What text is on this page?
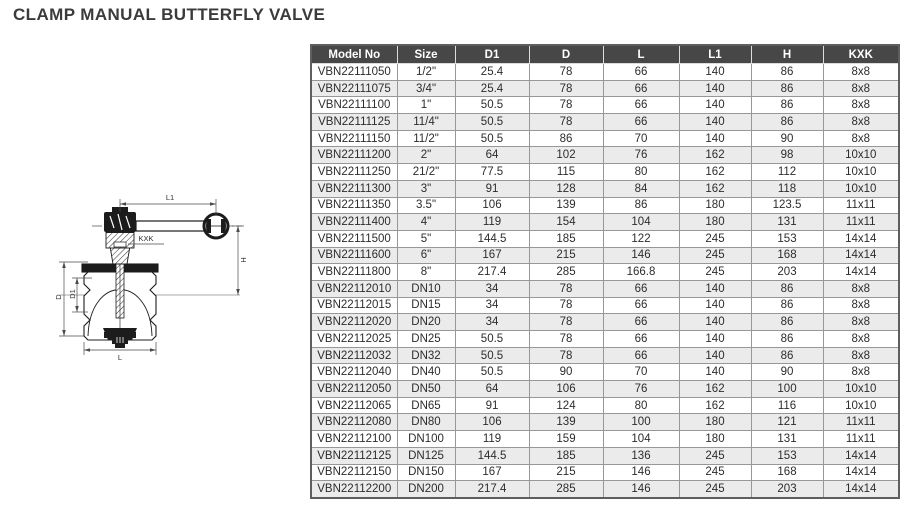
CLAMP MANUAL BUTTERFLY VALVE
L1
KXK
H
D D1
L
Model No	Size	D1	D	L	L1	H	KXK
VBN22111050	1/2"	25.4	78	66	140	86	8x8
VBN22111075	3/4"	25.4	78	66	140	86	8x8
VBN22111100	1"	50.5	78	66	140	86	8x8
VBN22111125	11/4"	50.5	78	66	140	86	8x8
VBN22111150	11/2"	50.5	86	70	140	90	8x8
VBN22111200	2"	64	102	76	162	98	10x10
VBN22111250	21/2"	77.5	115	80	162	112	10x10
VBN22111300	3"	91	128	84	162	118	10x10
VBN22111350	3.5"	106	139	86	180	123.5	11x11
VBN22111400	4"	119	154	104	180	131	11x11
VBN22111500	5"	144.5	185	122	245	153	14x14
VBN22111600	6"	167	215	146	245	168	14x14
VBN22111800	8"	217.4	285	166.8	245	203	14x14
VBN22112010	DN10	34	78	66	140	86	8x8
VBN22112015	DN15	34	78	66	140	86	8x8
VBN22112020	DN20	34	78	66	140	86	8x8
VBN22112025	DN25	50.5	78	66	140	86	8x8
VBN22112032	DN32	50.5	78	66	140	86	8x8
VBN22112040	DN40	50.5	90	70	140	90	8x8
VBN22112050	DN50	64	106	76	162	100	10x10
VBN22112065	DN65	91	124	80	162	116	10x10
VBN22112080	DN80	106	139	100	180	121	11x11
VBN22112100	DN100	119	159	104	180	131	11x11
VBN22112125	DN125	144.5	185	136	245	153	14x14
VBN22112150	DN150	167	215	146	245	168	14x14
VBN22112200	DN200	217.4	285	146	245	203	14x14
